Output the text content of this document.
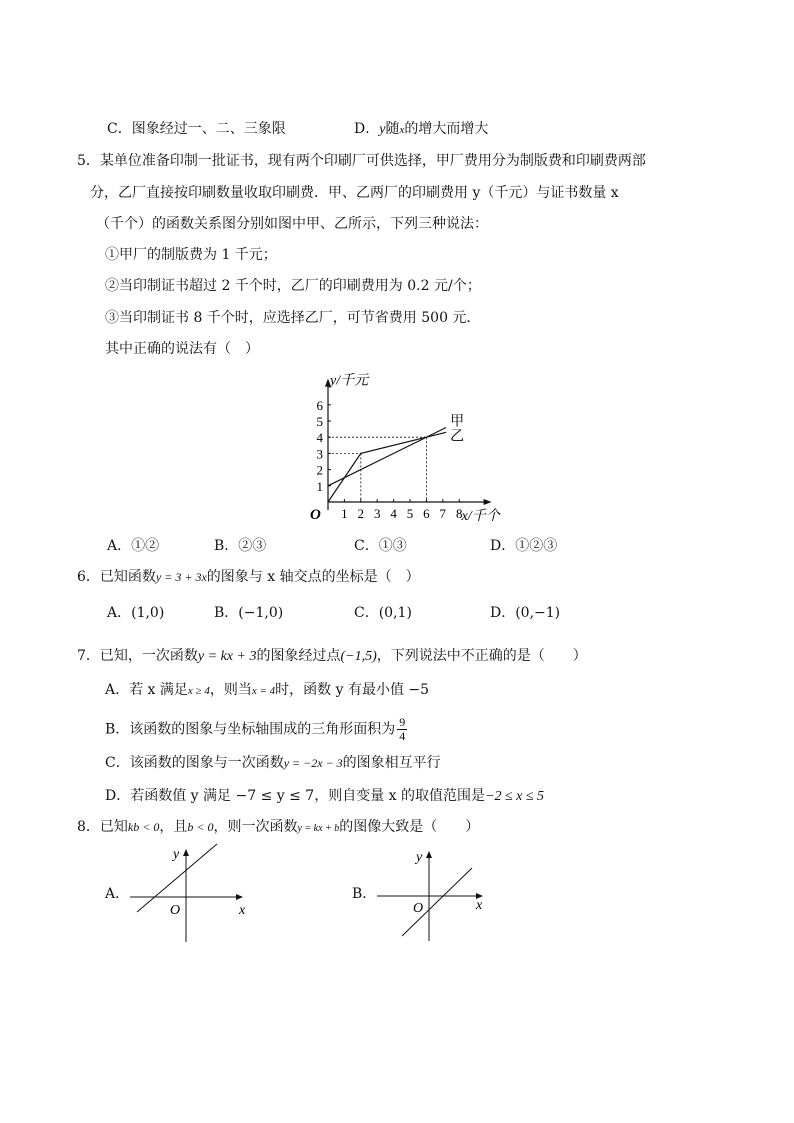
C．图象经过一、二、三象限	D．y随x的增大而增大
5．某单位准备印制一批证书，现有两个印刷厂可供选择，甲厂费用分为制版费和印刷费两部
分，乙厂直接按印刷数量收取印刷费．甲、乙两厂的印刷费用 y（千元）与证书数量 x
（千个）的函数关系图分别如图中甲、乙所示，下列三种说法：
①甲厂的制版费为 1 千元；
②当印制证书超过 2 千个时，乙厂的印刷费用为 0.2 元/个；
③当印制证书 8 千个时，应选择乙厂，可节省费用 500 元．
其中正确的说法有（　）
1 2 3 4 5 6 7 8
1
2
3
4
5
6
O
y/千元
x/千个
甲
乙
A．①②	B．②③	C．①③	D．①②③
6．已知函数y = 3 + 3x的图象与 x 轴交点的坐标是（　）
A．(1,0)	B．(−1,0)	C．(0,1)	D．(0,−1)
7．已知，一次函数y = kx + 3的图象经过点(−1,5)，下列说法中不正确的是（　　）
A．若 x 满足x ≥ 4，则当x = 4时，函数 y 有最小值 −5
B．该函数的图象与坐标轴围成的三角形面积为 $\frac{9}{4}$
C．该函数的图象与一次函数y = −2x − 3的图象相互平行
D．若函数值 y 满足 −7 ≤ y ≤ 7，则自变量 x 的取值范围是−2 ≤ x ≤ 5
8．已知kb < 0，且b < 0，则一次函数y = kx + b的图像大致是（　　）
A．
y
x
O
B．
y
x
O
